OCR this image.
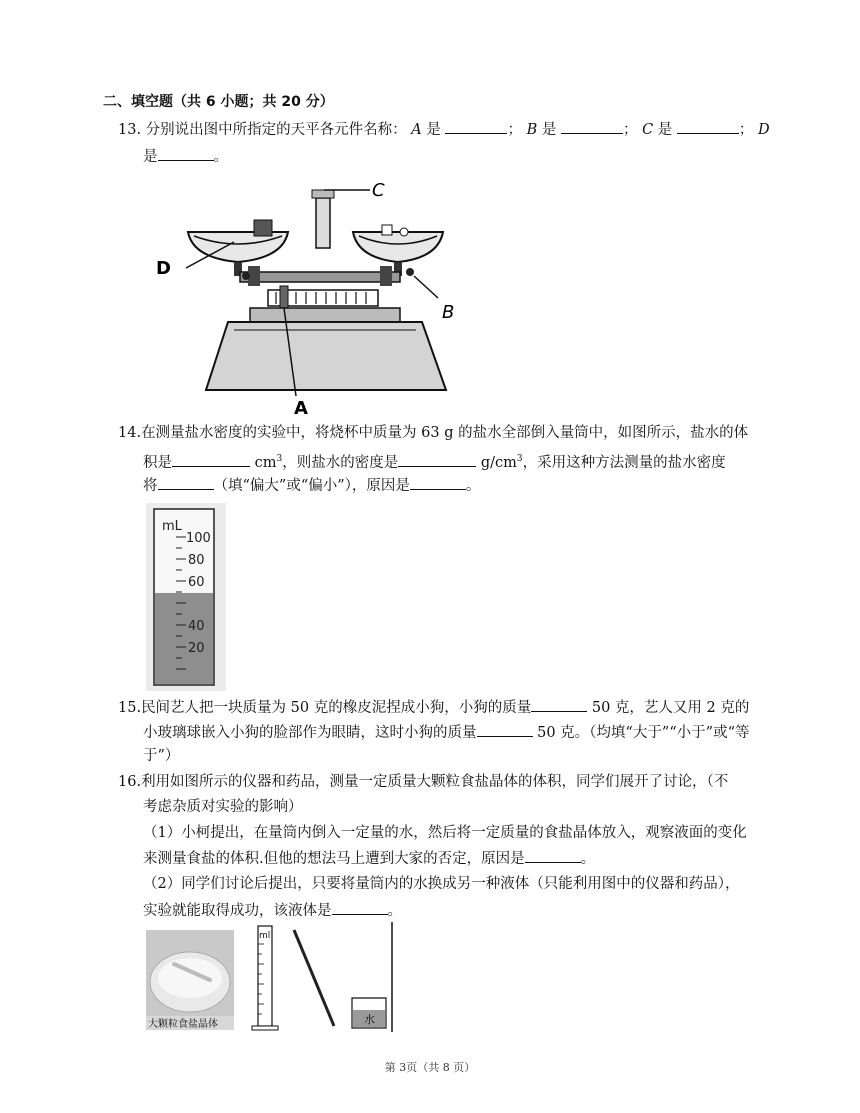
二、填空题（共 6 小题；共 20 分）
13. 分别说出图中所指定的天平各元件名称： A 是	； B 是	； C 是	； D
是	。
C
D
B
A
14.在测量盐水密度的实验中，将烧杯中质量为 63 g 的盐水全部倒入量筒中，如图所示，盐水的体
积是	$cm^3$，则盐水的密度是	$g/cm^3$，采用这种方法测量的盐水密度
将	（填“偏大”或“偏小”），原因是	。
mL
100
80
60
40
20
15.民间艺人把一块质量为 50 克的橡皮泥捏成小狗，小狗的质量	50 克，艺人又用 2 克的
小玻璃球嵌入小狗的脸部作为眼睛，这时小狗的质量	50 克。（均填“大于”“小于”或“等
于”）
16.利用如图所示的仪器和药品，测量一定质量大颗粒食盐晶体的体积，同学们展开了讨论，（不
考虑杂质对实验的影响）
（1）小柯提出，在量筒内倒入一定量的水，然后将一定质量的食盐晶体放入，观察液面的变化
来测量食盐的体积.但他的想法马上遭到大家的否定，原因是	。
（2）同学们讨论后提出，只要将量筒内的水换成另一种液体（只能利用图中的仪器和药品），
实验就能取得成功，该液体是	。
大颗粒食盐晶体
ml
水
第 3页（共 8 页）
